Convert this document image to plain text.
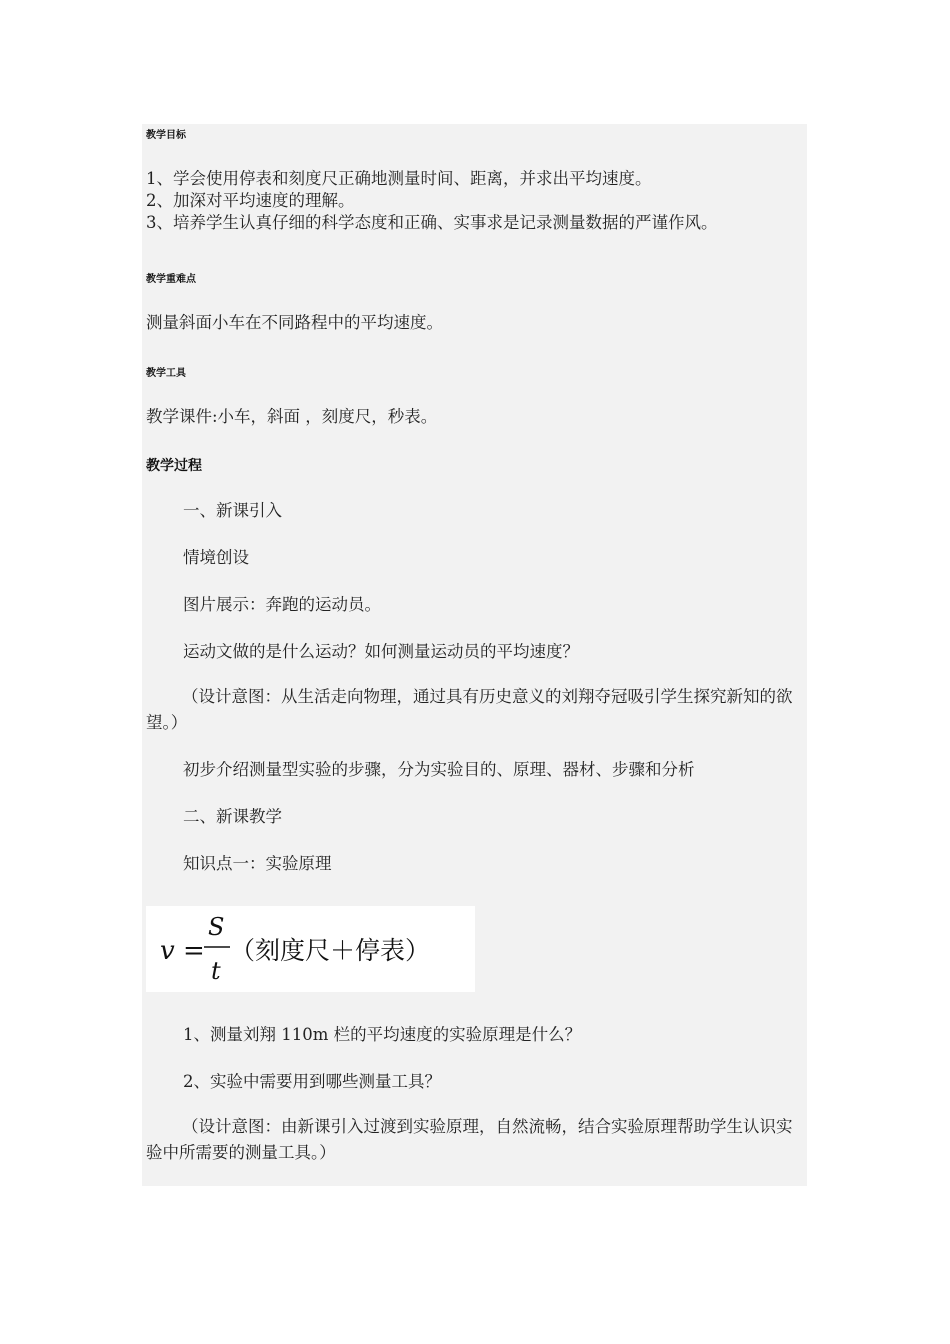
教学目标
1、学会使用停表和刻度尺正确地测量时间、距离，并求出平均速度。
2、加深对平均速度的理解。
3、培养学生认真仔细的科学态度和正确、实事求是记录测量数据的严谨作风。
教学重难点
测量斜面小车在不同路程中的平均速度。
教学工具
教学课件:小车，斜面 ，刻度尺，秒表。
教学过程
一、新课引入
情境创设
图片展示：奔跑的运动员。
运动文做的是什么运动？如何测量运动员的平均速度？
（设计意图：从生活走向物理，通过具有历史意义的刘翔夺冠吸引学生探究新知的欲望。）
初步介绍测量型实验的步骤，分为实验目的、原理、器材、步骤和分析
二、新课教学
知识点一：实验原理
v =
S
t
（刻度尺＋停表）
1、测量刘翔 110m 栏的平均速度的实验原理是什么？
2、实验中需要用到哪些测量工具？
（设计意图：由新课引入过渡到实验原理，自然流畅，结合实验原理帮助学生认识实验中所需要的测量工具。）
